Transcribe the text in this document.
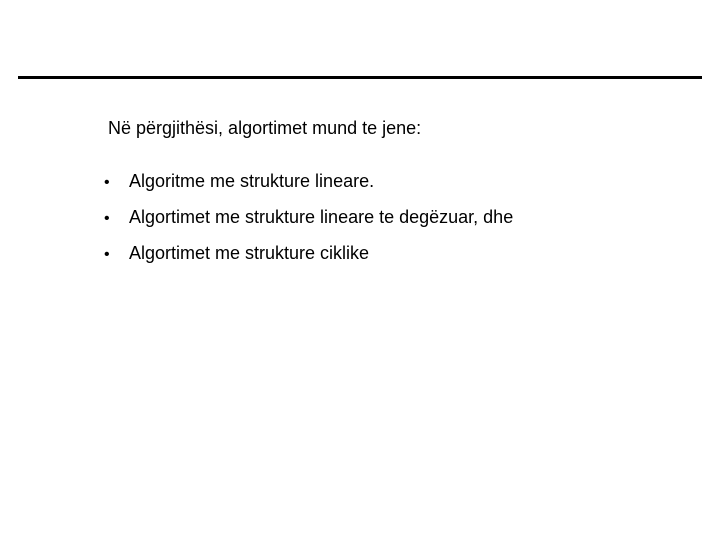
Në përgjithësi, algortimet mund te jene:
•	Algoritme me strukture lineare.
•	Algortimet me strukture lineare te degëzuar, dhe
•	Algortimet me strukture ciklike
